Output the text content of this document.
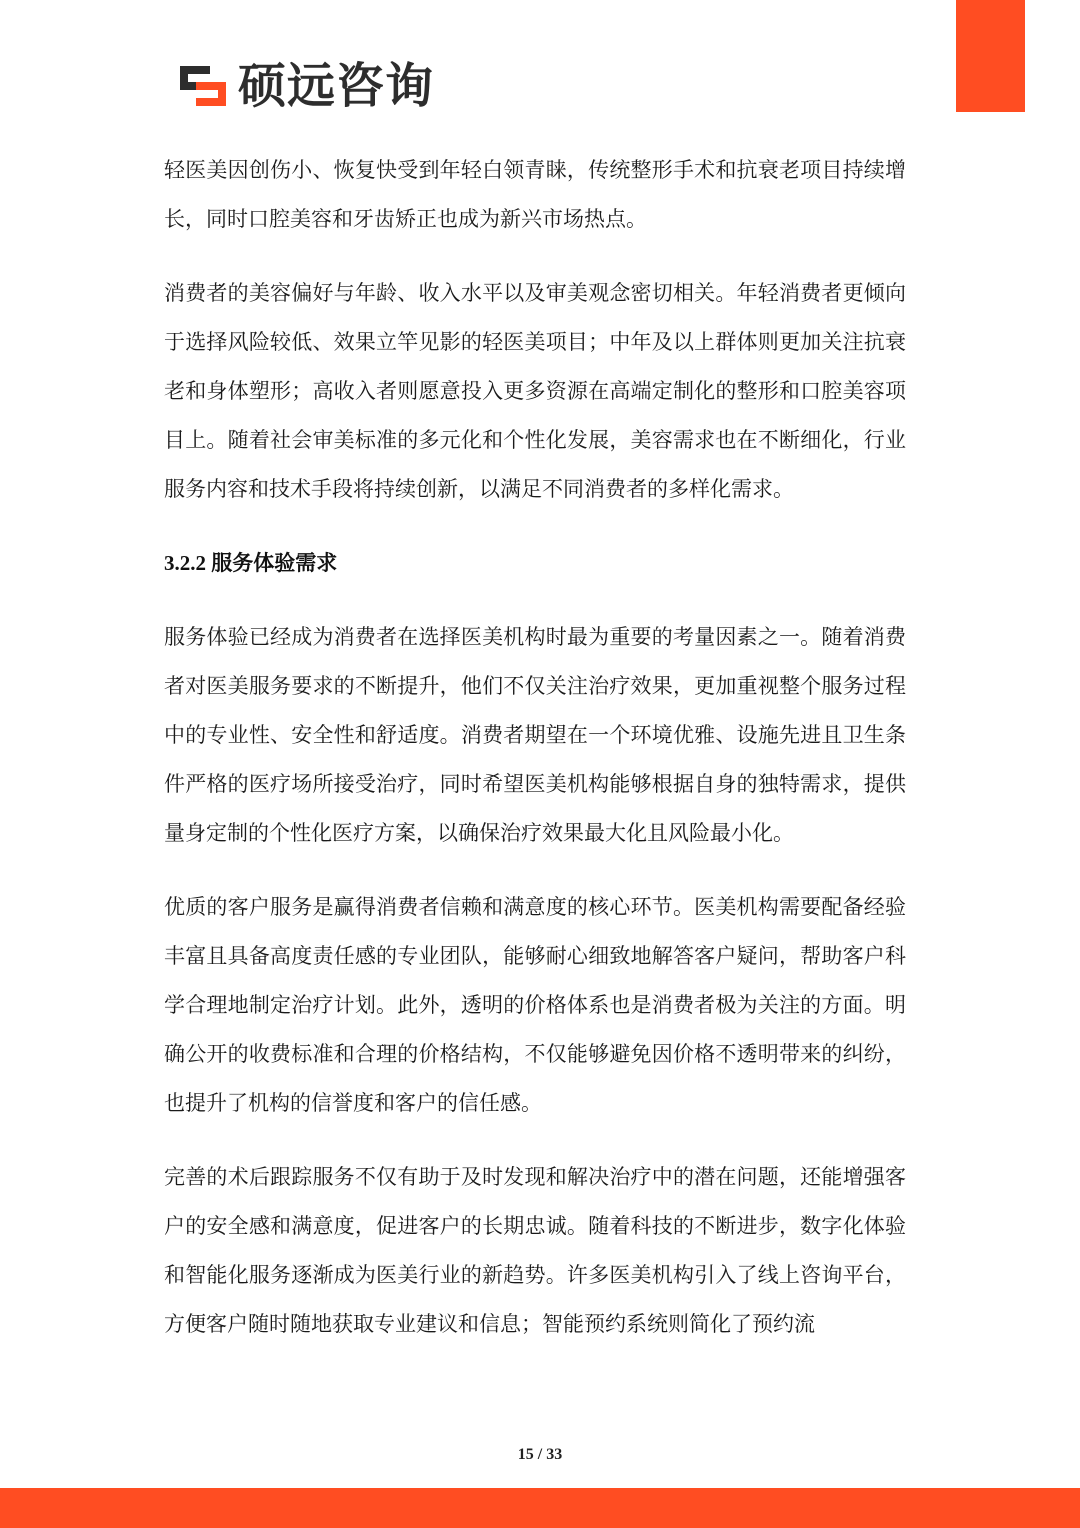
硕远咨询

轻医美因创伤小、恢复快受到年轻白领青睐，传统整形手术和抗衰老项目持续增长，同时口腔美容和牙齿矫正也成为新兴市场热点。

消费者的美容偏好与年龄、收入水平以及审美观念密切相关。年轻消费者更倾向于选择风险较低、效果立竿见影的轻医美项目；中年及以上群体则更加关注抗衰老和身体塑形；高收入者则愿意投入更多资源在高端定制化的整形和口腔美容项目上。随着社会审美标准的多元化和个性化发展，美容需求也在不断细化，行业服务内容和技术手段将持续创新，以满足不同消费者的多样化需求。

3.2.2 服务体验需求

服务体验已经成为消费者在选择医美机构时最为重要的考量因素之一。随着消费者对医美服务要求的不断提升，他们不仅关注治疗效果，更加重视整个服务过程中的专业性、安全性和舒适度。消费者期望在一个环境优雅、设施先进且卫生条件严格的医疗场所接受治疗，同时希望医美机构能够根据自身的独特需求，提供量身定制的个性化医疗方案，以确保治疗效果最大化且风险最小化。

优质的客户服务是赢得消费者信赖和满意度的核心环节。医美机构需要配备经验丰富且具备高度责任感的专业团队，能够耐心细致地解答客户疑问，帮助客户科学合理地制定治疗计划。此外，透明的价格体系也是消费者极为关注的方面。明确公开的收费标准和合理的价格结构，不仅能够避免因价格不透明带来的纠纷，也提升了机构的信誉度和客户的信任感。

完善的术后跟踪服务不仅有助于及时发现和解决治疗中的潜在问题，还能增强客户的安全感和满意度，促进客户的长期忠诚。随着科技的不断进步，数字化体验和智能化服务逐渐成为医美行业的新趋势。许多医美机构引入了线上咨询平台，方便客户随时随地获取专业建议和信息；智能预约系统则简化了预约流

15 / 33
